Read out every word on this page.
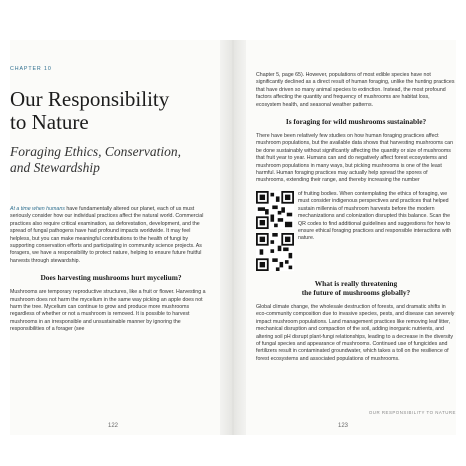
CHAPTER 10
Our Responsibility
to Nature
Foraging Ethics, Conservation,
and Stewardship

At a time when humans have fundamentally altered our planet, each of us must seriously consider how our individual practices affect the natural world. Commercial practices also require critical examination, as deforestation, development, and the spread of fungal pathogens have had profound impacts worldwide. It may feel helpless, but you can make meaningful contributions to the health of fungi by supporting conservation efforts and participating in community science projects. As foragers, we have a responsibility to protect nature, helping to ensure future fruitful harvests through stewardship.

Does harvesting mushrooms hurt mycelium?

Mushrooms are temporary reproductive structures, like a fruit or flower. Harvesting a mushroom does not harm the mycelium in the same way picking an apple does not harm the tree. Mycelium can continue to grow and produce more mushrooms regardless of whether or not a mushroom is removed. It is possible to harvest mushrooms in an irresponsible and unsustainable manner by ignoring the responsibilities of a forager (see

122

Chapter 5, page 65). However, populations of most edible species have not significantly declined as a direct result of human foraging, unlike the hunting practices that have driven so many animal species to extinction. Instead, the most profound factors affecting the quantity and frequency of mushrooms are habitat loss, ecosystem health, and seasonal weather patterns.

Is foraging for wild mushrooms sustainable?

There have been relatively few studies on how human foraging practices affect mushroom populations, but the available data shows that harvesting mushrooms can be done sustainably without significantly affecting the quantity or size of mushrooms that fruit year to year. Humans can and do negatively affect forest ecosystems and mushroom populations in many ways, but picking mushrooms is one of the least harmful. Human foraging practices may actually help spread the spores of mushrooms, extending their range, and thereby increasing the number

of fruiting bodies. When contemplating the ethics of foraging, we must consider indigenous perspectives and practices that helped sustain millennia of mushroom harvests before the modern mechanizations and colonization disrupted this balance. Scan the QR codes to find additional guidelines and suggestions for how to ensure ethical foraging practices and responsible interactions with nature.

What is really threatening
the future of mushrooms globally?

Global climate change, the wholesale destruction of forests, and dramatic shifts in eco-community composition due to invasive species, pests, and disease can severely impact mushroom populations. Land management practices like removing leaf litter, mechanical disruption and compaction of the soil, adding inorganic nutrients, and altering soil pH disrupt plant-fungi relationships, leading to a decrease in the diversity of fungal species and appearance of mushrooms. Continued use of fungicides and fertilizers result in contaminated groundwater, which takes a toll on the resilience of forest ecosystems and associated populations of mushrooms.

OUR RESPONSIBILITY TO NATURE
123
